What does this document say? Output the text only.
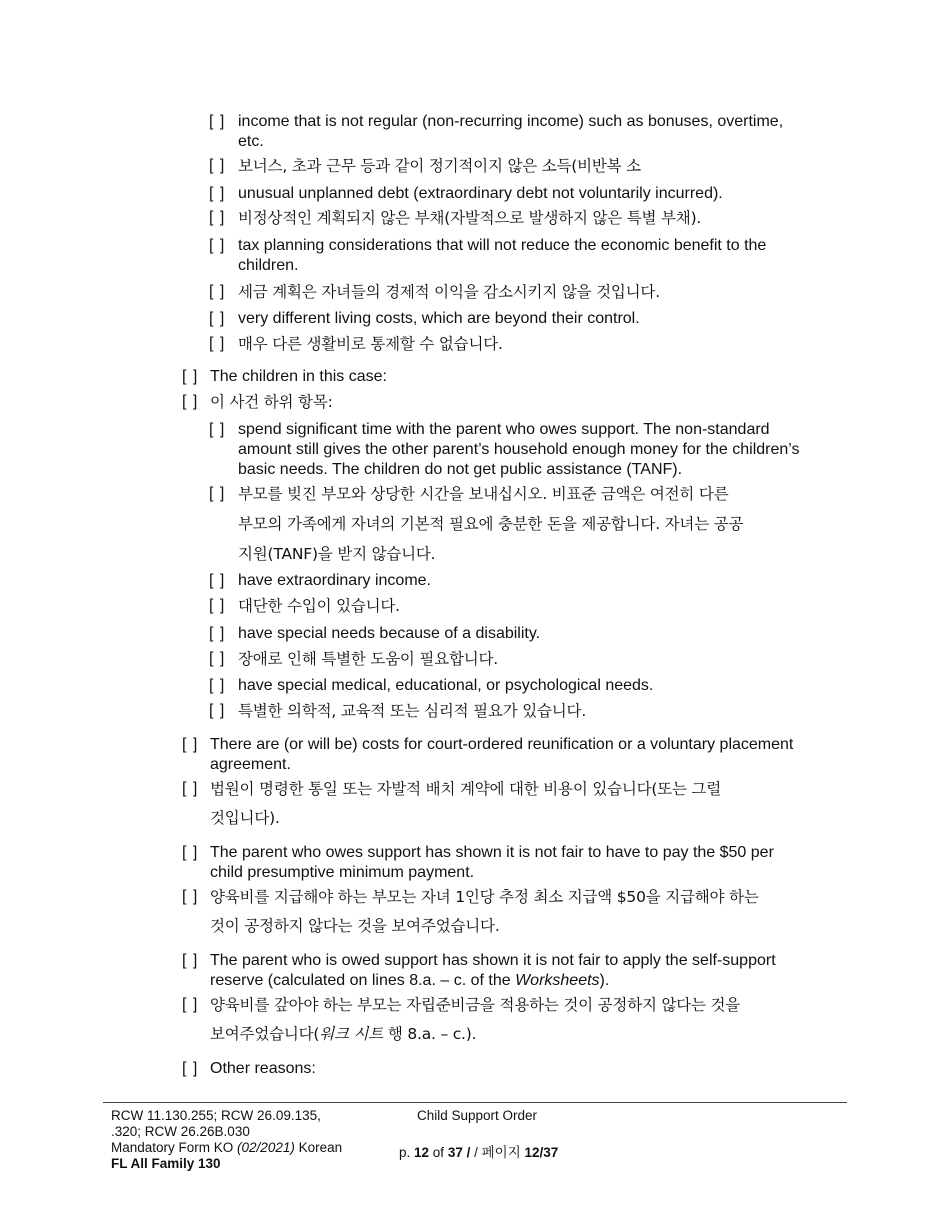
[ ] income that is not regular (non-recurring income) such as bonuses, overtime,
etc.
[ ] 보너스, 초과 근무 등과 같이 정기적이지 않은 소득(비반복 소
[ ] unusual unplanned debt (extraordinary debt not voluntarily incurred).
[ ] 비정상적인 계획되지 않은 부채(자발적으로 발생하지 않은 특별 부채).
[ ] tax planning considerations that will not reduce the economic benefit to the
children.
[ ] 세금 계획은 자녀들의 경제적 이익을 감소시키지 않을 것입니다.
[ ] very different living costs, which are beyond their control.
[ ] 매우 다른 생활비로 통제할 수 없습니다.
[ ] The children in this case:
[ ] 이 사건 하위 항목:
[ ] spend significant time with the parent who owes support. The non-standard
amount still gives the other parent’s household enough money for the children’s
basic needs. The children do not get public assistance (TANF).
[ ] 부모를 빚진 부모와 상당한 시간을 보내십시오. 비표준 금액은 여전히 다른
부모의 가족에게 자녀의 기본적 필요에 충분한 돈을 제공합니다. 자녀는 공공
지원(TANF)을 받지 않습니다.
[ ] have extraordinary income.
[ ] 대단한 수입이 있습니다.
[ ] have special needs because of a disability.
[ ] 장애로 인해 특별한 도움이 필요합니다.
[ ] have special medical, educational, or psychological needs.
[ ] 특별한 의학적, 교육적 또는 심리적 필요가 있습니다.
[ ] There are (or will be) costs for court-ordered reunification or a voluntary placement
agreement.
[ ] 법원이 명령한 통일 또는 자발적 배치 계약에 대한 비용이 있습니다(또는 그럴
것입니다).
[ ] The parent who owes support has shown it is not fair to have to pay the $50 per
child presumptive minimum payment.
[ ] 양육비를 지급해야 하는 부모는 자녀 1인당 추정 최소 지급액 $50을 지급해야 하는
것이 공정하지 않다는 것을 보여주었습니다.
[ ] The parent who is owed support has shown it is not fair to apply the self-support
reserve (calculated on lines 8.a. – c. of the Worksheets).
[ ] 양육비를 갚아야 하는 부모는 자립준비금을 적용하는 것이 공정하지 않다는 것을
보여주었습니다(워크 시트 행 8.a. – c.).
[ ] Other reasons:
RCW 11.130.255; RCW 26.09.135,
.320; RCW 26.26B.030
Mandatory Form KO (02/2021) Korean
FL All Family 130
Child Support Order
p. 12 of 37 / / 페이지 12/37
